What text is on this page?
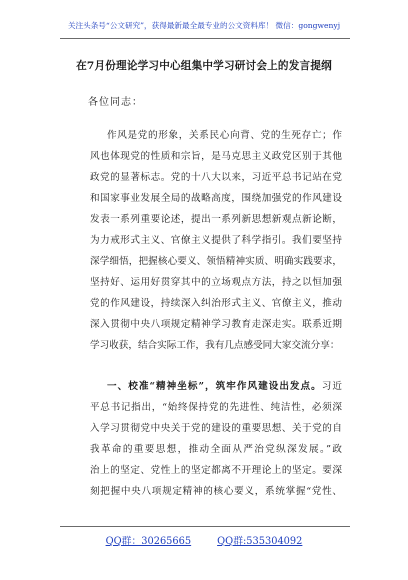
关注头条号“公文研究”，获得最新最全最专业的公文资料库！ 微信：gongwenyj
在7月份理论学习中心组集中学习研讨会上的发言提纲
各位同志：
作风是党的形象，关系民心向背、党的生死存亡；作
风也体现党的性质和宗旨，是马克思主义政党区别于其他
政党的显著标志。党的十八大以来，习近平总书记站在党
和国家事业发展全局的战略高度，围绕加强党的作风建设
发表一系列重要论述，提出一系列新思想新观点新论断，
为力戒形式主义、官僚主义提供了科学指引。我们要坚持
深学细悟，把握核心要义、领悟精神实质、明确实践要求，
坚持好、运用好贯穿其中的立场观点方法，持之以恒加强
党的作风建设，持续深入纠治形式主义、官僚主义，推动
深入贯彻中央八项规定精神学习教育走深走实。联系近期
学习收获，结合实际工作，我有几点感受同大家交流分享：
一、校准“精神坐标”，筑牢作风建设出发点。习近
平总书记指出，“始终保持党的先进性、纯洁性，必须深
入学习贯彻党中央关于党的建设的重要思想、关于党的自
我革命的重要思想，推动全面从严治党纵深发展。”政
治上的坚定、党性上的坚定都离不开理论上的坚定。要深
刻把握中央八项规定精神的核心要义，系统掌握“党性、
QQ群：30265665	QQ群:535304092
